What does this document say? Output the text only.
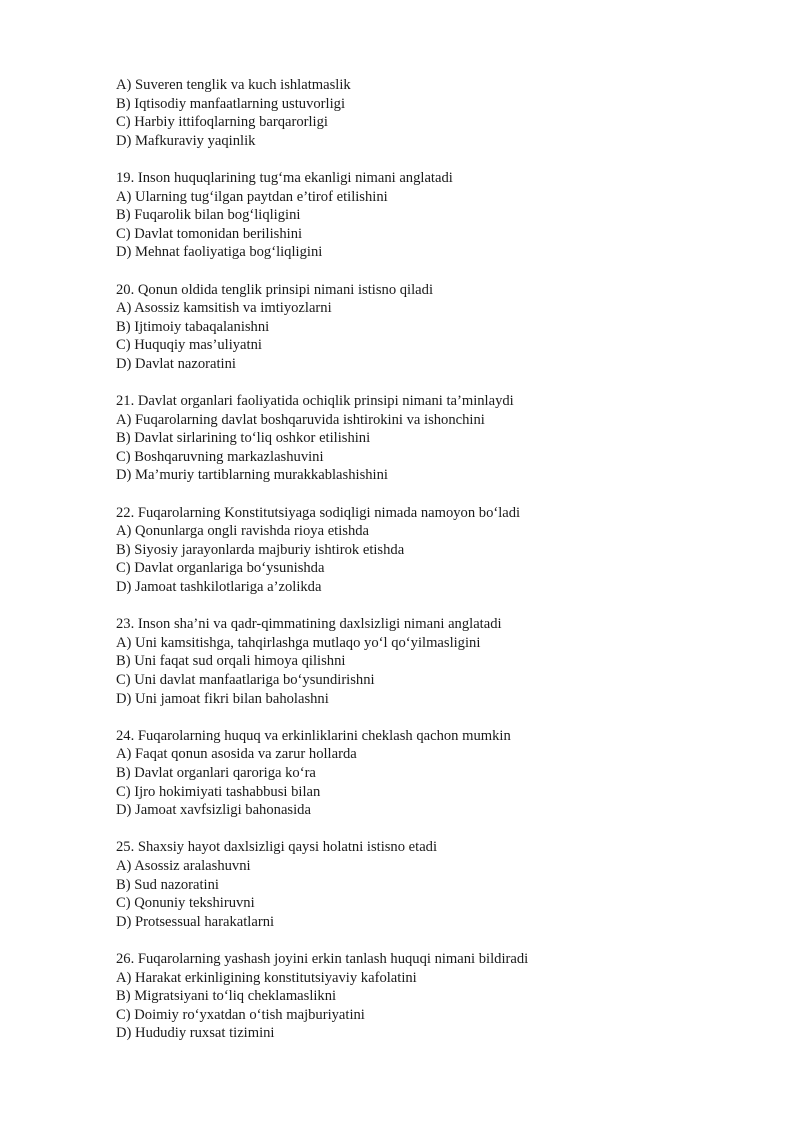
A) Suveren tenglik va kuch ishlatmaslik
B) Iqtisodiy manfaatlarning ustuvorligi
C) Harbiy ittifoqlarning barqarorligi
D) Mafkuraviy yaqinlik
19. Inson huquqlarining tug‘ma ekanligi nimani anglatadi
A) Ularning tug‘ilgan paytdan e’tirof etilishini
B) Fuqarolik bilan bog‘liqligini
C) Davlat tomonidan berilishini
D) Mehnat faoliyatiga bog‘liqligini
20. Qonun oldida tenglik prinsipi nimani istisno qiladi
A) Asossiz kamsitish va imtiyozlarni
B) Ijtimoiy tabaqalanishni
C) Huquqiy mas’uliyatni
D) Davlat nazoratini
21. Davlat organlari faoliyatida ochiqlik prinsipi nimani ta’minlaydi
A) Fuqarolarning davlat boshqaruvida ishtirokini va ishonchini
B) Davlat sirlarining to‘liq oshkor etilishini
C) Boshqaruvning markazlashuvini
D) Ma’muriy tartiblarning murakkablashishini
22. Fuqarolarning Konstitutsiyaga sodiqligi nimada namoyon bo‘ladi
A) Qonunlarga ongli ravishda rioya etishda
B) Siyosiy jarayonlarda majburiy ishtirok etishda
C) Davlat organlariga bo‘ysunishda
D) Jamoat tashkilotlariga a’zolikda
23. Inson sha’ni va qadr-qimmatining daxlsizligi nimani anglatadi
A) Uni kamsitishga, tahqirlashga mutlaqo yo‘l qo‘yilmasligini
B) Uni faqat sud orqali himoya qilishni
C) Uni davlat manfaatlariga bo‘ysundirishni
D) Uni jamoat fikri bilan baholashni
24. Fuqarolarning huquq va erkinliklarini cheklash qachon mumkin
A) Faqat qonun asosida va zarur hollarda
B) Davlat organlari qaroriga ko‘ra
C) Ijro hokimiyati tashabbusi bilan
D) Jamoat xavfsizligi bahonasida
25. Shaxsiy hayot daxlsizligi qaysi holatni istisno etadi
A) Asossiz aralashuvni
B) Sud nazoratini
C) Qonuniy tekshiruvni
D) Protsessual harakatlarni
26. Fuqarolarning yashash joyini erkin tanlash huquqi nimani bildiradi
A) Harakat erkinligining konstitutsiyaviy kafolatini
B) Migratsiyani to‘liq cheklamaslikni
C) Doimiy ro‘yxatdan o‘tish majburiyatini
D) Hududiy ruxsat tizimini
